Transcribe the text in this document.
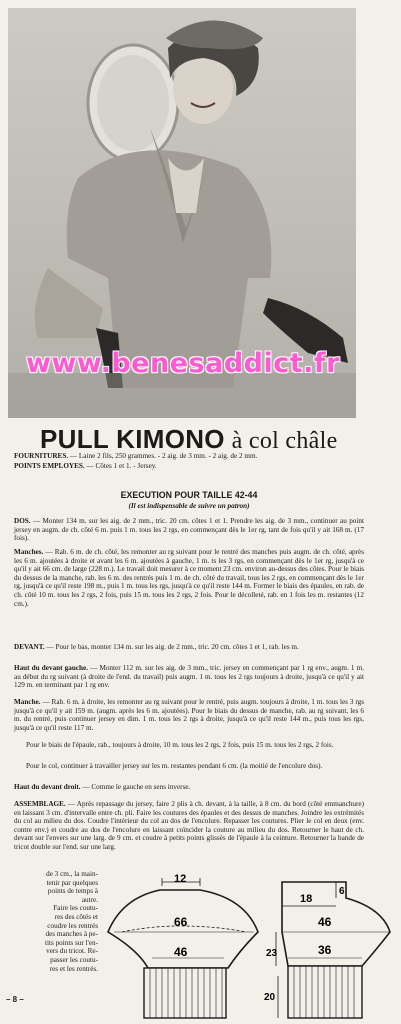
www.benesaddict.fr
PULL KIMONO à col châle
FOURNITURES. — Laine 2 fils, 250 grammes. - 2 aig. de 3 mm. - 2 aig. de 2 mm.
POINTS EMPLOYES. — Côtes 1 et 1. - Jersey.
EXECUTION POUR TAILLE 42-44
(Il est indispensable de suivre un patron)
DOS. — Monter 134 m. sur les aig. de 2 mm., tric. 20 cm. côtes 1 et 1. Prendre les aig. de 3 mm., continuer au point jersey en augm. de ch. côté 6 m. puis 1 m. tous les 2 rgs, en commençant dès le 1er rg, tant de fois qu'il y ait 168 m. (17 fois).
Manches. — Rab. 6 m. de ch. côté, les remonter au rg suivant pour le rentré des manches puis augm. de ch. côté, après les 6 m. ajoutées à droite et avant les 6 m. ajoutées à gauche, 1 m. ts les 3 rgs, en commençant dès le 1er rg, jusqu'à ce qu'il y ait 66 cm. de large (228 m.). Le travail doit mesurer à ce moment 23 cm. environ au-dessus des côtes. Pour le biais du dessus de la manche, rab. les 6 m. des rentrés puis 1 m. de ch. côté du travail, tous les 2 rgs, en commençant dès le 1er rg, jusqu'à ce qu'il reste 198 m., puis 1 m. tous les rgs, jusqu'à ce qu'il reste 144 m. Former le biais des épaules, en rab. de ch. côté 10 m. tous les 2 rgs, 2 fois, puis 15 m. tous les 2 rgs, 2 fois. Pour le décolleté, rab. en 1 fois les m. restantes (12 cm.).
DEVANT. — Pour le bas, monter 134 m. sur les aig. de 2 mm., tric. 20 cm. côtes 1 et 1, rab. les m.
Haut du devant gauche. — Monter 112 m. sur les aig. de 3 mm., tric. jersey en commençant par 1 rg env., augm. 1 m. au début du rg suivant (à droite de l'end. du travail) puis augm. 1 m. tous les 2 rgs toujours à droite, jusqu'à ce qu'il y ait 129 m. en terminant par 1 rg env.
Manche. — Rab. 6 m. à droite, les remonter au rg suivant pour le rentré, puis augm. toujours à droite, 1 m. tous les 3 rgs jusqu'à ce qu'il y ait 159 m. (augm. après les 6 m. ajoutées). Pour le biais du dessus de manche, rab. au rg suivant, les 6 m. du rentré, puis continuer jersey en dim. 1 m. tous les 2 rgs à droite, jusqu'à ce qu'il reste 144 m., puis tous les rgs, jusqu'à ce qu'il reste 117 m.
Pour le biais de l'épaule, rab., toujours à droite, 10 m. tous les 2 rgs, 2 fois, puis 15 m. tous les 2 rgs, 2 fois.
Pour le col, continuer à travailler jersey sur les m. restantes pendant 6 cm. (la moitié de l'encolure dos).
Haut du devant droit. — Comme le gauche en sens inverse.
ASSEMBLAGE. — Après repassage du jersey, faire 2 plis à ch. devant, à la taille, à 8 cm. du bord (côté emmanchure) en laissant 3 cm. d'intervalle entre ch. pli. Faire les coutures des épaules et des dessus de manches. Joindre les extrémités du col au milieu du dos. Coudre l'intérieur du col au dos de l'encolure. Repasser les coutures. Plier le col en deux (env. contre env.) et coudre au dos de l'encolure en laissant coïncider la couture au milieu du dos. Retourner le haut de ch. devant sur l'envers sur une larg. de 9 cm. et coudre à petits points glissés de l'épaule à la ceinture. Retourner la bande de tricot double sur l'end. sur une larg.
de 3 cm., la main-
tenir par quelques
points de temps à
autre.
Faire les coutu-
res des côtés et
coudre les rentrés
des manches à pe-
tits points sur l'en-
vers du tricot. Re-
passer les coutu-
res et les rentrés.
12
66
46
6
18
46
23	36
20
– 8 –
